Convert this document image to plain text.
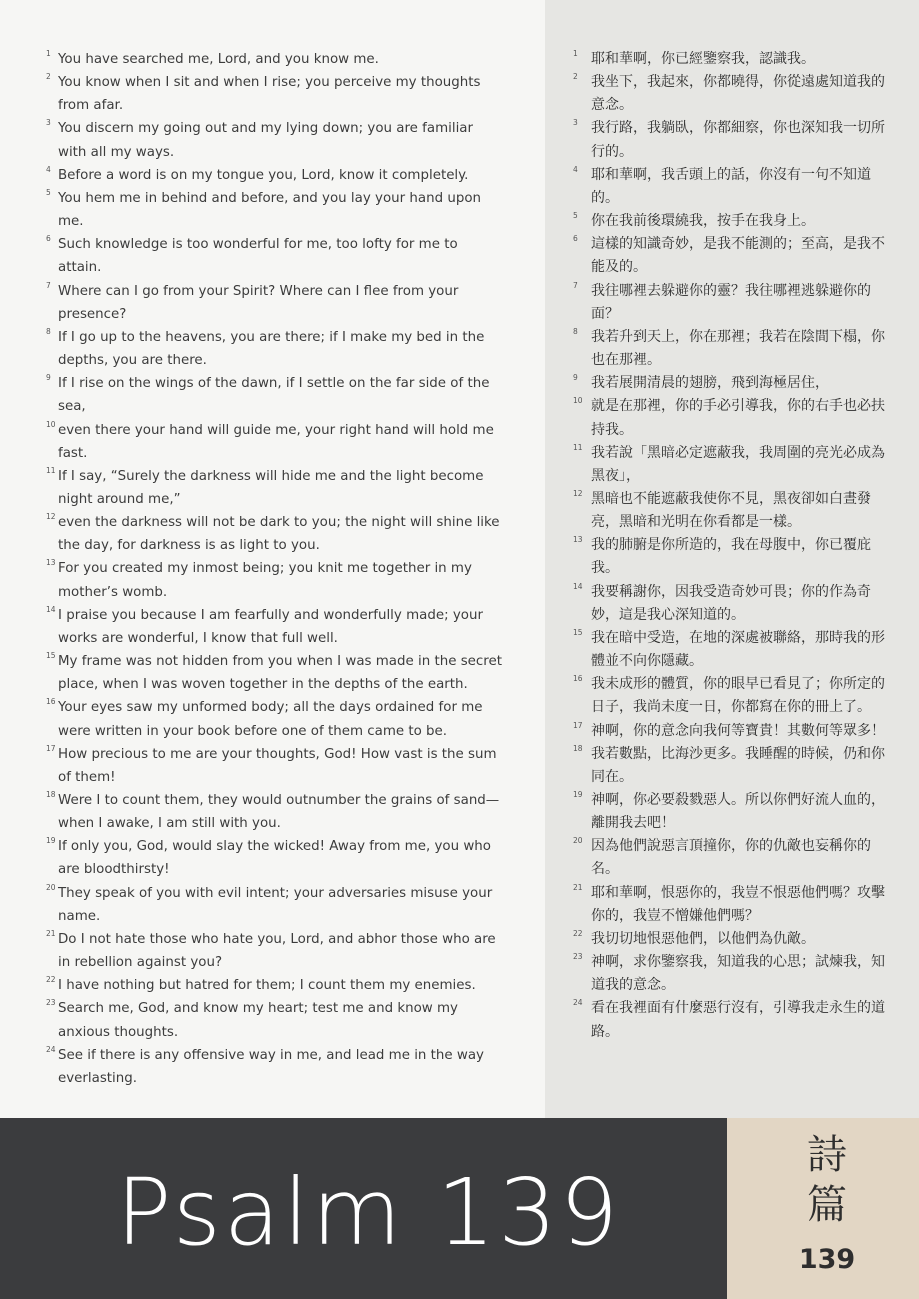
1 You have searched me, Lord, and you know me.
2 You know when I sit and when I rise; you perceive my thoughts from afar.
3 You discern my going out and my lying down; you are familiar with all my ways.
4 Before a word is on my tongue you, Lord, know it completely.
5 You hem me in behind and before, and you lay your hand upon me.
6 Such knowledge is too wonderful for me, too lofty for me to attain.
7 Where can I go from your Spirit? Where can I flee from your presence?
8 If I go up to the heavens, you are there; if I make my bed in the depths, you are there.
9 If I rise on the wings of the dawn, if I settle on the far side of the sea,
10 even there your hand will guide me, your right hand will hold me fast.
11 If I say, “Surely the darkness will hide me and the light become night around me,”
12 even the darkness will not be dark to you; the night will shine like the day, for darkness is as light to you.
13 For you created my inmost being; you knit me together in my mother’s womb.
14 I praise you because I am fearfully and wonderfully made; your works are wonderful, I know that full well.
15 My frame was not hidden from you when I was made in the secret place, when I was woven together in the depths of the earth.
16 Your eyes saw my unformed body; all the days ordained for me were written in your book before one of them came to be.
17 How precious to me are your thoughts, God! How vast is the sum of them!
18 Were I to count them, they would outnumber the grains of sand—when I awake, I am still with you.
19 If only you, God, would slay the wicked! Away from me, you who are bloodthirsty!
20 They speak of you with evil intent; your adversaries misuse your name.
21 Do I not hate those who hate you, Lord, and abhor those who are in rebellion against you?
22 I have nothing but hatred for them; I count them my enemies.
23 Search me, God, and know my heart; test me and know my anxious thoughts.
24 See if there is any offensive way in me, and lead me in the way everlasting.
1 耶和華啊，你已經鑒察我，認識我。
2 我坐下，我起來，你都曉得，你從遠處知道我的意念。
3 我行路，我躺臥，你都細察，你也深知我一切所行的。
4 耶和華啊，我舌頭上的話，你沒有一句不知道的。
5 你在我前後環繞我，按手在我身上。
6 這樣的知識奇妙，是我不能測的；至高，是我不能及的。
7 我往哪裡去躲避你的靈？我往哪裡逃躲避你的面？
8 我若升到天上，你在那裡；我若在陰間下榻，你也在那裡。
9 我若展開清晨的翅膀，飛到海極居住，
10 就是在那裡，你的手必引導我，你的右手也必扶持我。
11 我若說「黑暗必定遮蔽我，我周圍的亮光必成為黑夜」，
12 黑暗也不能遮蔽我使你不見，黑夜卻如白晝發亮，黑暗和光明在你看都是一樣。
13 我的肺腑是你所造的，我在母腹中，你已覆庇我。
14 我要稱謝你，因我受造奇妙可畏；你的作為奇妙，這是我心深知道的。
15 我在暗中受造，在地的深處被聯絡，那時我的形體並不向你隱藏。
16 我未成形的體質，你的眼早已看見了；你所定的日子，我尚未度一日，你都寫在你的冊上了。
17 神啊，你的意念向我何等寶貴！其數何等眾多！
18 我若數點，比海沙更多。我睡醒的時候，仍和你同在。
19 神啊，你必要殺戮惡人。所以你們好流人血的，離開我去吧！
20 因為他們說惡言頂撞你，你的仇敵也妄稱你的名。
21 耶和華啊，恨惡你的，我豈不恨惡他們嗎？攻擊你的，我豈不憎嫌他們嗎？
22 我切切地恨惡他們，以他們為仇敵。
23 神啊，求你鑒察我，知道我的心思；試煉我，知道我的意念。
24 看在我裡面有什麼惡行沒有，引導我走永生的道路。
Psalm 139
詩
篇
139
